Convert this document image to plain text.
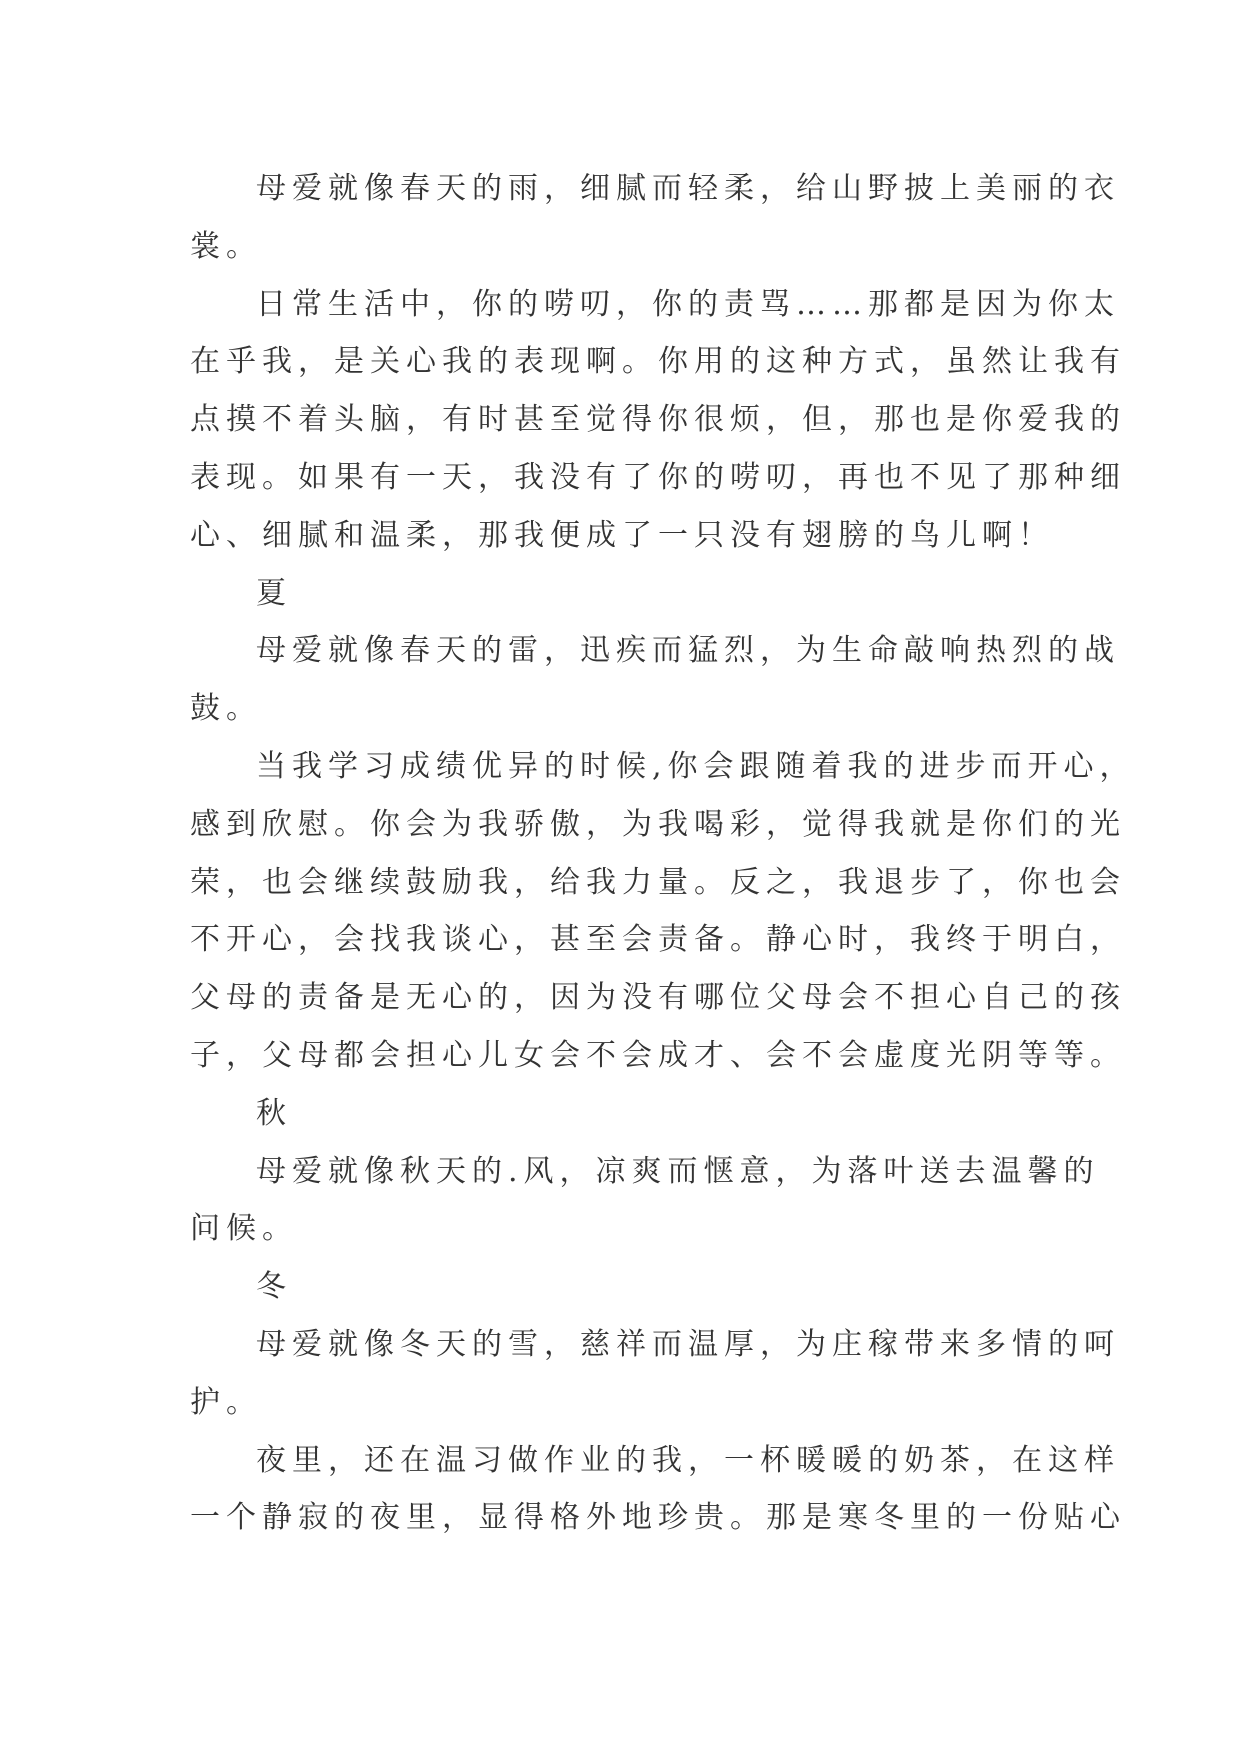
母爱就像春天的雨，细腻而轻柔，给山野披上美丽的衣
裳。
日常生活中，你的唠叨，你的责骂……那都是因为你太
在乎我，是关心我的表现啊。你用的这种方式，虽然让我有
点摸不着头脑，有时甚至觉得你很烦，但，那也是你爱我的
表现。如果有一天，我没有了你的唠叨，再也不见了那种细
心、细腻和温柔，那我便成了一只没有翅膀的鸟儿啊！
夏
母爱就像春天的雷，迅疾而猛烈，为生命敲响热烈的战
鼓。
当我学习成绩优异的时候,你会跟随着我的进步而开心，
感到欣慰。你会为我骄傲，为我喝彩，觉得我就是你们的光
荣，也会继续鼓励我，给我力量。反之，我退步了，你也会
不开心，会找我谈心，甚至会责备。静心时，我终于明白，
父母的责备是无心的，因为没有哪位父母会不担心自己的孩
子，父母都会担心儿女会不会成才、会不会虚度光阴等等。
秋
母爱就像秋天的.风，凉爽而惬意，为落叶送去温馨的
问候。
冬
母爱就像冬天的雪，慈祥而温厚，为庄稼带来多情的呵
护。
夜里，还在温习做作业的我，一杯暖暖的奶茶，在这样
一个静寂的夜里，显得格外地珍贵。那是寒冬里的一份贴心
